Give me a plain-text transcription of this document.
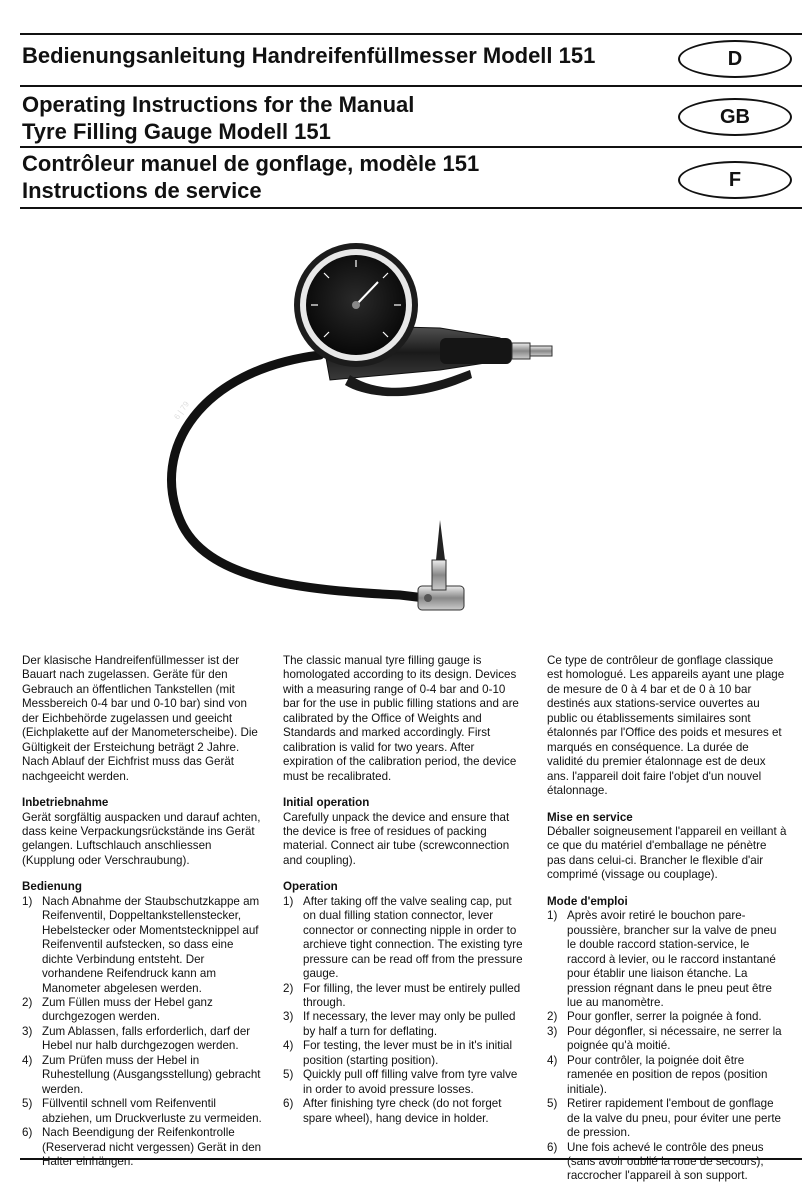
Bedienungsanleitung Handreifenfüllmesser Modell 151	D
Operating Instructions for the Manual
Tyre Filling Gauge Modell 151
GB
Contrôleur manuel de gonflage, modèle 151
Instructions de service	F
6 | 79

Der klasische Handreifenfüllmesser ist der Bauart nach zugelassen. Geräte für den Gebrauch an öffentlichen Tankstellen (mit Messbereich 0-4 bar und 0-10 bar) sind von der Eichbehörde zugelassen und geeicht (Eichplakette auf der Manometerscheibe). Die Gültigkeit der Ersteichung beträgt 2 Jahre. Nach Ablauf der Eichfrist muss das Gerät nachgeeicht werden.

Inbetriebnahme

Gerät sorgfältig auspacken und darauf achten, dass keine Verpackungsrückstände ins Gerät gelangen. Luftschlauch anschliessen (Kupplung oder Verschraubung).

Bedienung
1) Nach Abnahme der Staubschutzkappe am Reifenventil, Doppeltankstellenstecker, Hebelstecker oder Momentstecknippel auf Reifenventil aufstecken, so dass eine dichte Verbindung entsteht. Der vorhandene Reifendruck kann am Manometer abgelesen werden.
2) Zum Füllen muss der Hebel ganz durchgezogen werden.
3) Zum Ablassen, falls erforderlich, darf der Hebel nur halb durchgezogen werden.
4) Zum Prüfen muss der Hebel in Ruhestellung (Ausgangsstellung) gebracht werden.
5) Füllventil schnell vom Reifenventil abziehen, um Druckverluste zu vermeiden.
6) Nach Beendigung der Reifenkontrolle (Reserverad nicht vergessen) Gerät in den Halter einhängen.

The classic manual tyre filling gauge is homologated according to its design. Devices with a measuring range of 0-4 bar and 0-10 bar for the use in public filling stations and are calibrated by the Office of Weights and Standards and marked accordingly. First calibration is valid for two years. After expiration of the calibration period, the device must be recalibrated.

Initial operation

Carefully unpack the device and ensure that the device is free of residues of packing material. Connect air tube (screwconnection and coupling).

Operation
1) After taking off the valve sealing cap, put on dual filling station connector, lever connector or connecting nipple in order to archieve tight connection. The existing tyre pressure can be read off from the pressure gauge.
2) For filling, the lever must be entirely pulled through.
3) If necessary, the lever may only be pulled by half a turn for deflating.
4) For testing, the lever must be in it's initial position (starting position).
5) Quickly pull off filling valve from tyre valve in order to avoid pressure losses.
6) After finishing tyre check (do not forget spare wheel), hang device in holder.

Ce type de contrôleur de gonflage classique est homologué. Les appareils ayant une plage de mesure de 0 à 4 bar et de 0 à 10 bar destinés aux stations-service ouvertes au public ou établissements similaires sont étalonnés par l'Office des poids et mesures et marqués en conséquence. La durée de validité du premier étalonnage est de deux ans. l'appareil doit faire l'objet d'un nouvel étalonnage.

Mise en service

Déballer soigneusement l'appareil en veillant à ce que du matériel d'emballage ne pénètre pas dans celui-ci. Brancher le flexible d'air comprimé (vissage ou couplage).

Mode d'emploi
1) Après avoir retiré le bouchon pare-poussière, brancher sur la valve de pneu le double raccord station-service, le raccord à levier, ou le raccord instantané pour établir une liaison étanche. La pression régnant dans le pneu peut être lue au manomètre.
2) Pour gonfler, serrer la poignée à fond.
3) Pour dégonfler, si nécessaire, ne serrer la poignée qu'à moitié.
4) Pour contrôler, la poignée doit être ramenée en position de repos (position initiale).
5) Retirer rapidement l'embout de gonflage de la valve du pneu, pour éviter une perte de pression.
6) Une fois achevé le contrôle des pneus (sans avoir oublié la roue de secours), raccrocher l'appareil à son support.
